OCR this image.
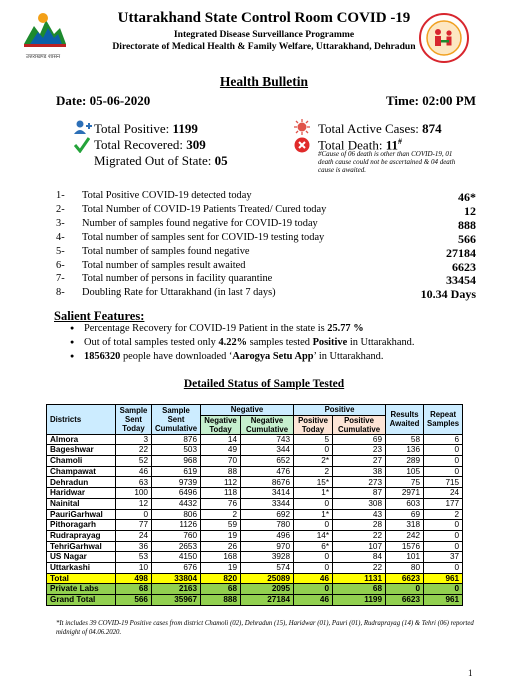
उत्तराखण्ड शासन
Uttarakhand State Control Room COVID -19
Integrated Disease Surveillance Programme
Directorate of Medical Health & Family Welfare, Uttarakhand, Dehradun
Health Bulletin
Date: 05-06-2020	Time: 02:00 PM
Total Positive: 1199
Total Recovered: 309
Migrated Out of State: 05
Total Active Cases: 874
Total Death: 11#
#Cause of 06 death is other than COVID-19, 01 death cause could not be ascertained & 04 death cause is awaited.
1- Total Positive COVID-19 detected today	46*
2- Total Number of COVID-19 Patients Treated/ Cured today	12
3- Number of samples found negative for COVID-19 today	888
4- Total number of samples sent for COVID-19 testing today	566
5- Total number of samples found negative	27184
6- Total number of samples result awaited	6623
7- Total number of persons in facility quarantine	33454
8- Doubling Rate for Uttarakhand (in last 7 days)	10.34 Days
Salient Features:
● Percentage Recovery for COVID-19 Patient in the state is 25.77 %
● Out of total samples tested only 4.22% samples tested Positive in Uttarakhand.
● 1856320 people have downloaded ‘Aarogya Setu App’ in Uttarakhand.
Detailed Status of Sample Tested
Districts	Sample Sent Today	Sample Sent Cumulative	Negative		Positive		Results Awaited	Repeat Samples
			Negative Today	Negative Cumulative	Positive Today	Positive Cumulative		
Almora	3	876	14	743	5	69	58	6
Bageshwar	22	503	49	344	0	23	136	0
Chamoli	52	968	70	652	2*	27	289	0
Champawat	46	619	88	476	2	38	105	0
Dehradun	63	9739	112	8676	15*	273	75	715
Haridwar	100	6496	118	3414	1*	87	2971	24
Nainital	12	4432	76	3344	0	308	603	177
PauriGarhwal	0	806	2	692	1*	43	69	2
Pithoragarh	77	1126	59	780	0	28	318	0
Rudraprayag	24	760	19	496	14*	22	242	0
TehriGarhwal	36	2653	26	970	6*	107	1576	0
US Nagar	53	4150	168	3928	0	84	101	37
Uttarkashi	10	676	19	574	0	22	80	0
Total	498	33804	820	25089	46	1131	6623	961
Private Labs	68	2163	68	2095	0	68	0	0
Grand Total	566	35967	888	27184	46	1199	6623	961
*It includes 39 COVID-19 Positive cases from district Chamoli (02), Dehradun (15), Haridwar (01), Pauri (01), Rudraprayag (14) & Tehri (06) reported midnight of 04.06.2020.
1
